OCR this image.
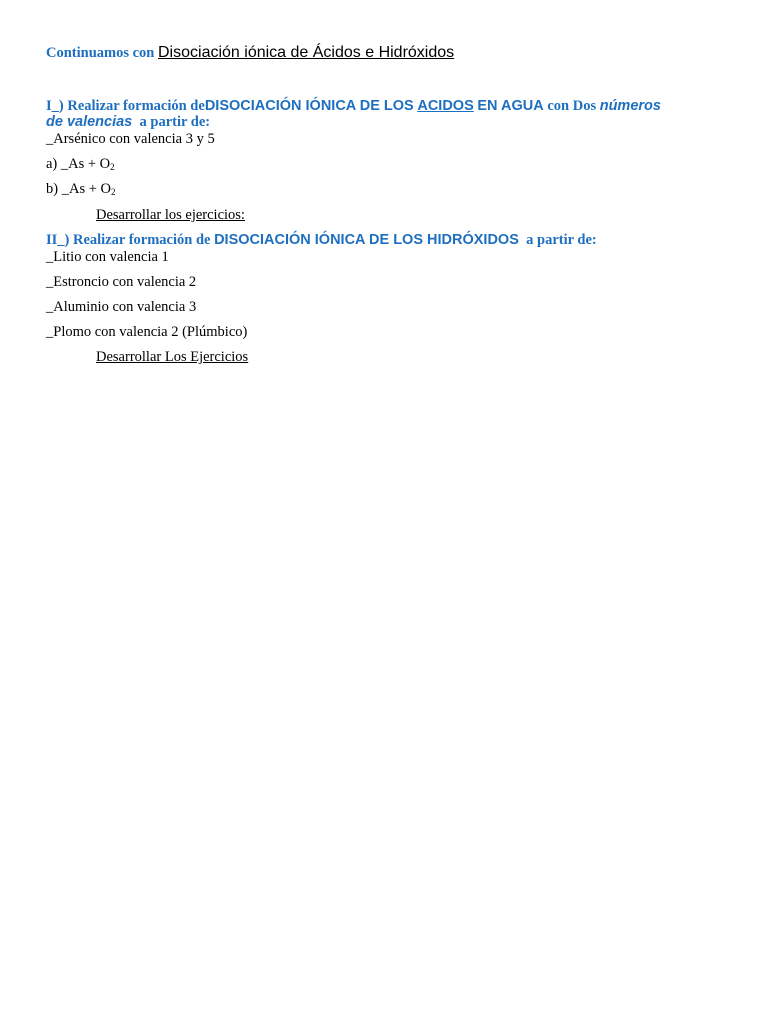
Continuamos con Disociación iónica de Ácidos e Hidróxidos
I_) Realizar formación deDISOCIACIÓN IÓNICA DE LOS ACIDOS EN AGUA con Dos números
de valencias a partir de:
_Arsénico con valencia 3 y 5
a) _As + $O_2$
b) _As + $O_2$
Desarrollar los ejercicios:
II_) Realizar formación de DISOCIACIÓN IÓNICA DE LOS HIDRÓXIDOS a partir de:
_Litio con valencia 1
_Estroncio con valencia 2
_Aluminio con valencia 3
_Plomo con valencia 2 (Plúmbico)
Desarrollar Los Ejercicios
